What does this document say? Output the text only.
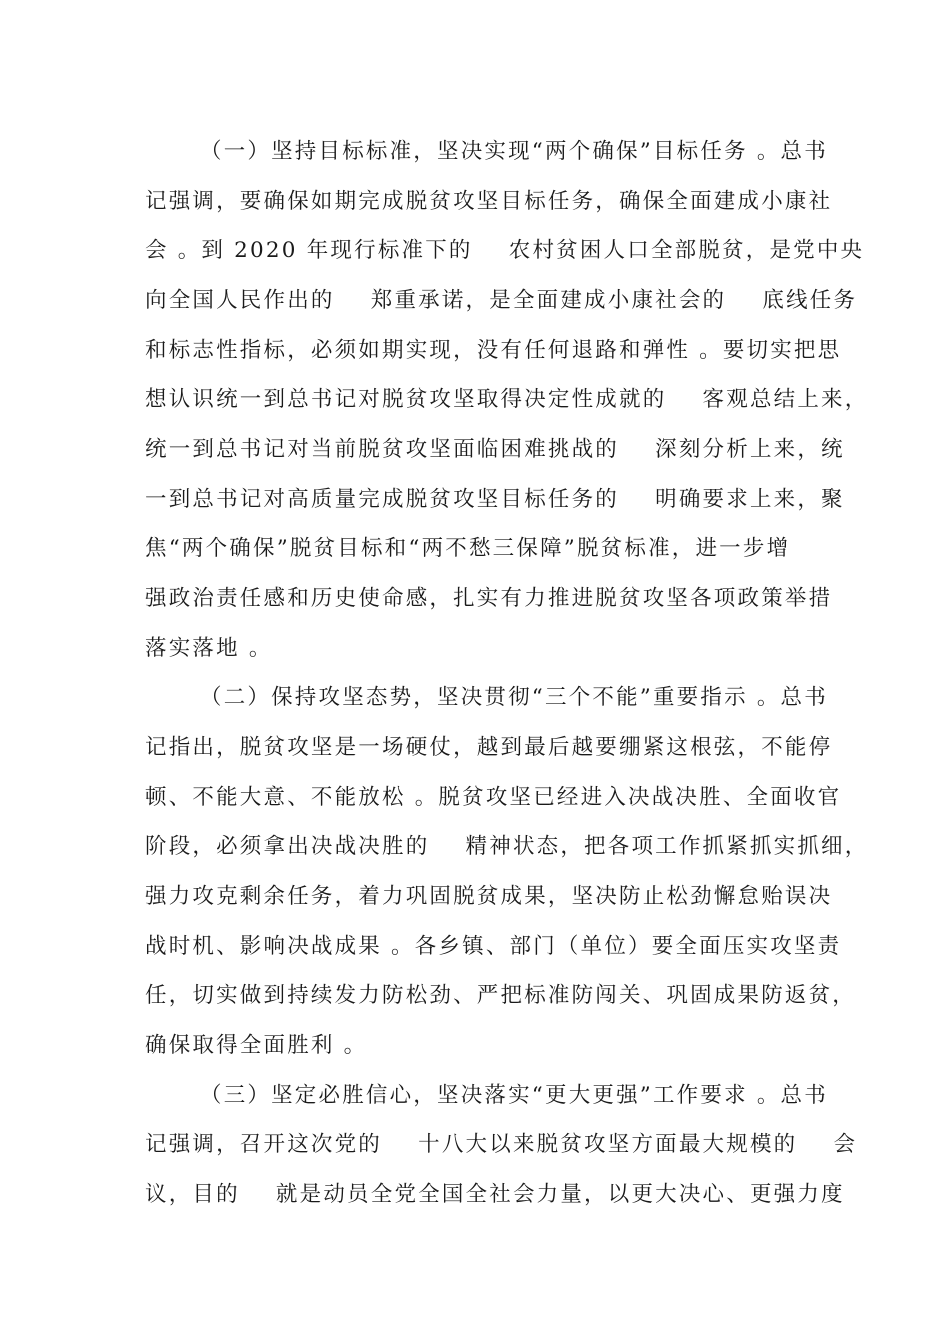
（一）坚持目标标准，坚决实现“两个确保”目标任务 。总书
记强调，要确保如期完成脱贫攻坚目标任务，确保全面建成小康社
会 。到 2020 年现行标准下的    农村贫困人口全部脱贫，是党中央
向全国人民作出的    郑重承诺，是全面建成小康社会的    底线任务
和标志性指标，必须如期实现，没有任何退路和弹性 。要切实把思
想认识统一到总书记对脱贫攻坚取得决定性成就的    客观总结上来，
统一到总书记对当前脱贫攻坚面临困难挑战的    深刻分析上来，统
一到总书记对高质量完成脱贫攻坚目标任务的    明确要求上来，聚
焦“两个确保”脱贫目标和“两不愁三保障”脱贫标准，进一步增
强政治责任感和历史使命感，扎实有力推进脱贫攻坚各项政策举措
落实落地 。
（二）保持攻坚态势，坚决贯彻“三个不能”重要指示 。总书
记指出，脱贫攻坚是一场硬仗，越到最后越要绷紧这根弦，不能停
顿、不能大意、不能放松 。脱贫攻坚已经进入决战决胜、全面收官
阶段，必须拿出决战决胜的    精神状态，把各项工作抓紧抓实抓细，
强力攻克剩余任务，着力巩固脱贫成果，坚决防止松劲懈怠贻误决
战时机、影响决战成果 。各乡镇、部门（单位）要全面压实攻坚责
任，切实做到持续发力防松劲、严把标准防闯关、巩固成果防返贫，
确保取得全面胜利 。
（三）坚定必胜信心，坚决落实“更大更强”工作要求 。总书
记强调，召开这次党的    十八大以来脱贫攻坚方面最大规模的    会
议，目的    就是动员全党全国全社会力量，以更大决心、更强力度
